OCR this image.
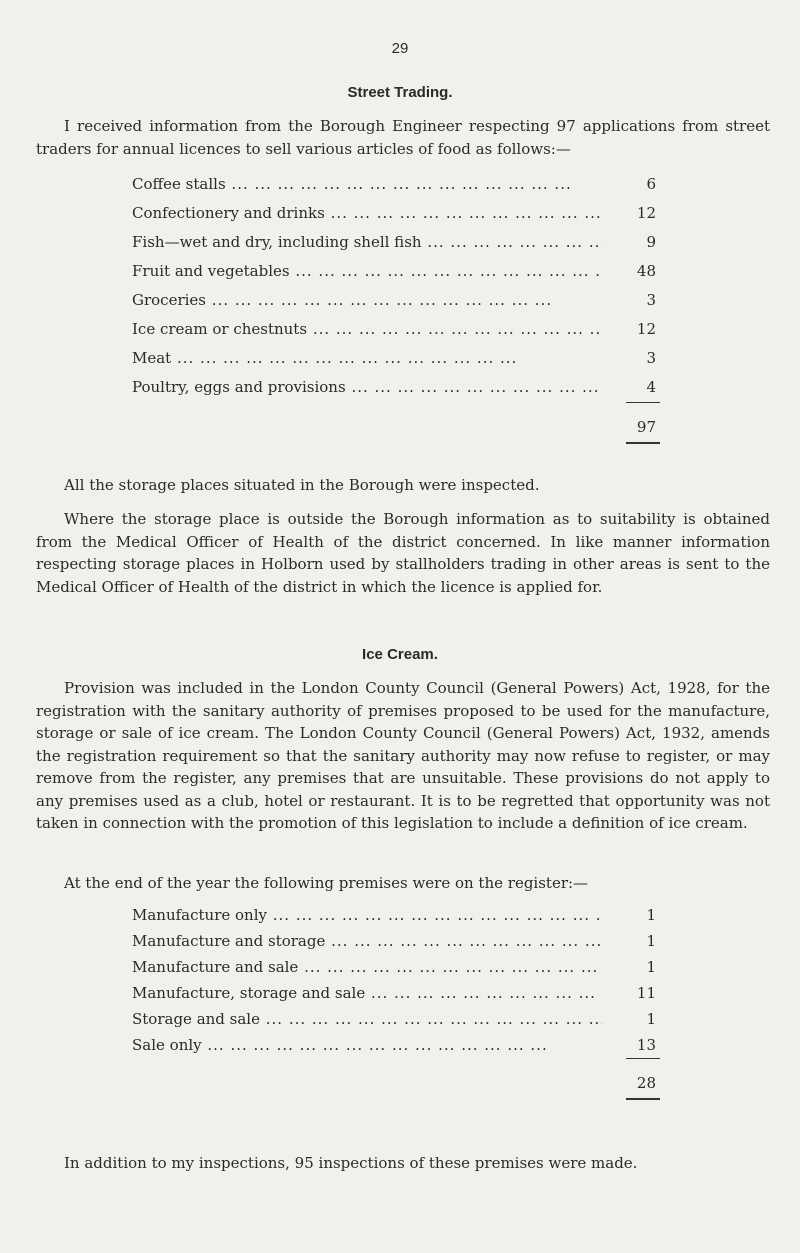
29
Street Trading.
I received information from the Borough Engineer respecting 97 applications from street traders for annual licences to sell various articles of food as follows:—
Coffee stalls ... .	6
Confectionery and drinks ... .	12
Fish—wet and dry, including shell fish ... .	9
Fruit and vegetables ... .	48
Groceries ... .	3
Ice cream or chestnuts ... .	12
Meat ... .	3
Poultry, eggs and provisions ... .	4
97
All the storage places situated in the Borough were inspected.
Where the storage place is outside the Borough information as to suitability is obtained from the Medical Officer of Health of the district concerned. In like manner information respecting storage places in Holborn used by stallholders trading in other areas is sent to the Medical Officer of Health of the district in which the licence is applied for.
Ice Cream.
Provision was included in the London County Council (General Powers) Act, 1928, for the registration with the sanitary authority of premises proposed to be used for the manufacture, storage or sale of ice cream. The London County Council (General Powers) Act, 1932, amends the registration requirement so that the sanitary authority may now refuse to register, or may remove from the register, any premises that are unsuitable. These provisions do not apply to any premises used as a club, hotel or restaurant. It is to be regretted that opportunity was not taken in connection with the promotion of this legislation to include a definition of ice cream.
At the end of the year the following premises were on the register:—
Manufacture only ... .	1
Manufacture and storage ... .	1
Manufacture and sale ... .	1
Manufacture, storage and sale ... .	11
Storage and sale ... .	1
Sale only ... .	13
28
In addition to my inspections, 95 inspections of these premises were made.
